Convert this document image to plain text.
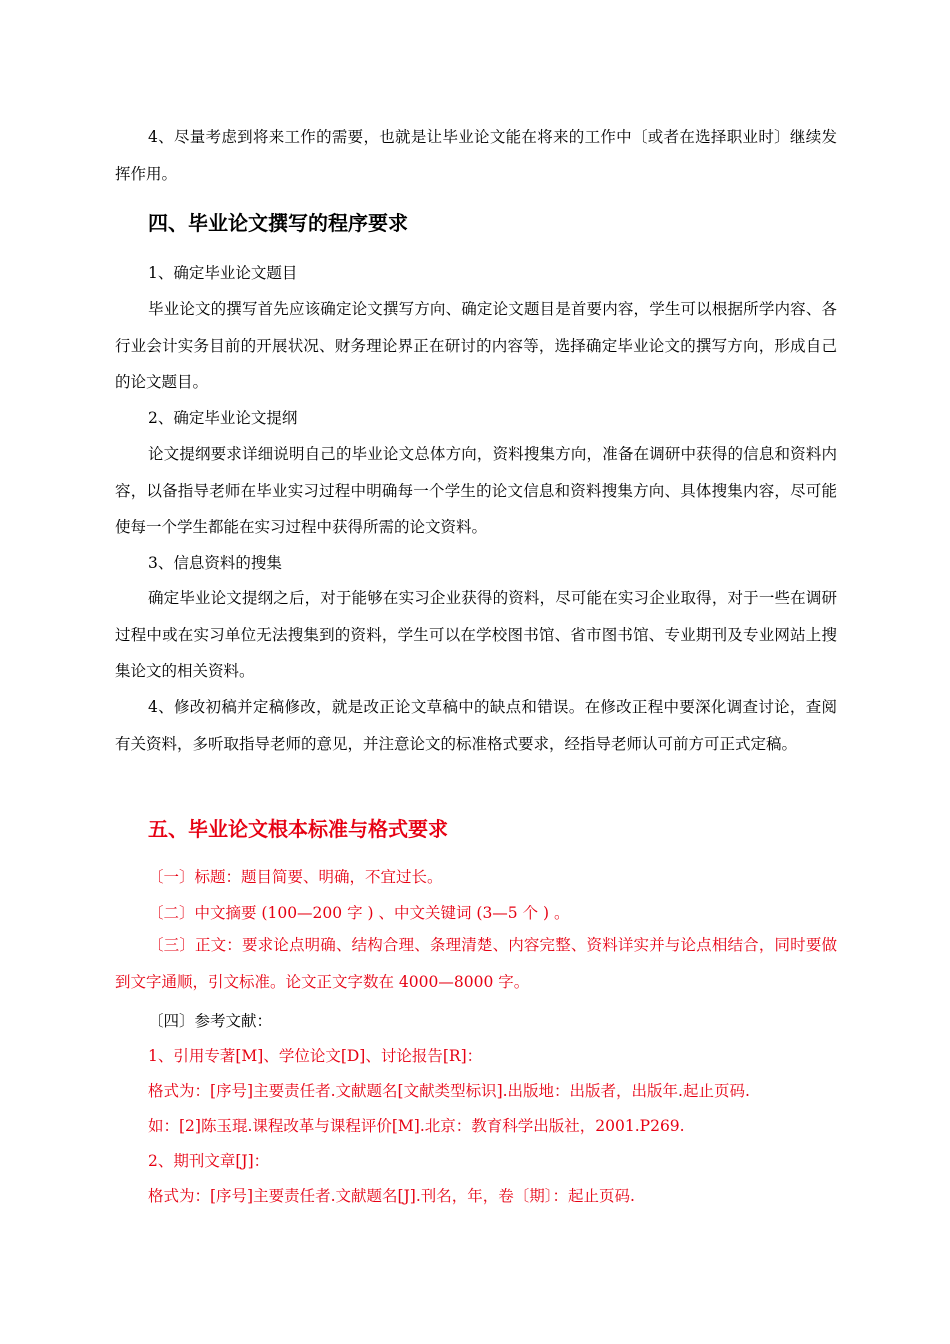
4、尽量考虑到将来工作的需要，也就是让毕业论文能在将来的工作中〔或者在选择职业时〕继续发挥作用。

四、毕业论文撰写的程序要求

1、确定毕业论文题目

毕业论文的撰写首先应该确定论文撰写方向、确定论文题目是首要内容，学生可以根据所学内容、各行业会计实务目前的开展状况、财务理论界正在研讨的内容等，选择确定毕业论文的撰写方向，形成自己的论文题目。

2、确定毕业论文提纲

论文提纲要求详细说明自己的毕业论文总体方向，资料搜集方向，准备在调研中获得的信息和资料内容，以备指导老师在毕业实习过程中明确每一个学生的论文信息和资料搜集方向、具体搜集内容，尽可能使每一个学生都能在实习过程中获得所需的论文资料。

3、信息资料的搜集

确定毕业论文提纲之后，对于能够在实习企业获得的资料，尽可能在实习企业取得，对于一些在调研过程中或在实习单位无法搜集到的资料，学生可以在学校图书馆、省市图书馆、专业期刊及专业网站上搜集论文的相关资料。

4、修改初稿并定稿修改，就是改正论文草稿中的缺点和错误。在修改正程中要深化调查讨论，查阅有关资料，多听取指导老师的意见，并注意论文的标准格式要求，经指导老师认可前方可正式定稿。

五、毕业论文根本标准与格式要求

〔一〕标题：题目简要、明确，不宜过长。

〔二〕中文摘要 (100—200 字 ) 、中文关键词 (3—5 个 ) 。

〔三〕正文：要求论点明确、结构合理、条理清楚、内容完整、资料详实并与论点相结合，同时要做到文字通顺，引文标准。论文正文字数在 4000—8000 字。

〔四〕参考文献：

1、引用专著[M]、学位论文[D]、讨论报告[R]：

格式为：[序号]主要责任者.文献题名[文献类型标识].出版地：出版者，出版年.起止页码.

如：[2]陈玉琨.课程改革与课程评价[M].北京：教育科学出版社，2001.P269.

2、期刊文章[J]：

格式为：[序号]主要责任者.文献题名[J].刊名，年，卷〔期〕：起止页码.
